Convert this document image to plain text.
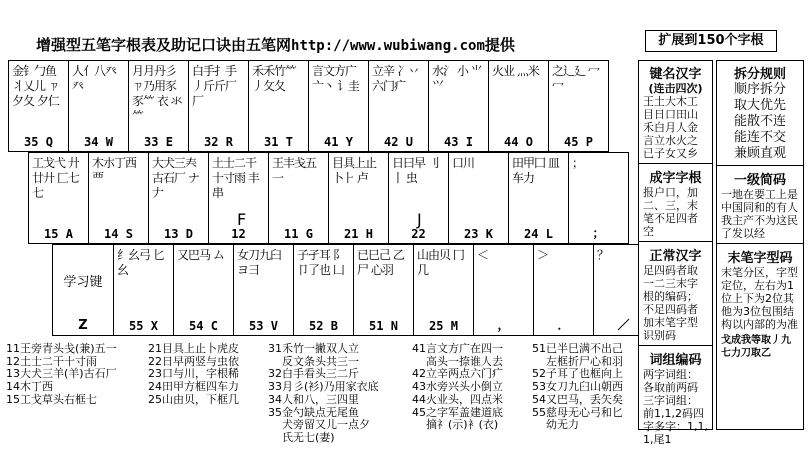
增强型五笔字根表及助记口诀由五笔网http://www.wubiwang.com提供	扩展到150个字根
金钅勹鱼 丬乂儿 ㄗ夕夂 夕仁
35 Q
人亻八癶 癶
34 W
月月丹彡 ㄗ乃用豕 豕⺮ 衣 氺⺮
33 E
白手扌手 丿斤斤厂 厂
32 R
禾禾竹⺮ 丿攵夂
31 T
言文方广 亠丶 讠圭
41 Y
立辛 冫丷 六门疒
42 U
水氵 小 ⺌⺍
43 I
火业 灬米
44 O
之辶廴 冖冖
45 P
工戈弋 廾廿廾 匚七 七
15 A
木朩丁西 覀
14 S
大犬三𡗗 古石厂 ナ𠂇
13 D
土士二干 十寸雨 丰串
F
12
王丰戋五 一
11 G
目具上止 卜⺊ 卢
21 H
日曰早 刂丨 虫
J
22
口川
23 K
田甲囗 皿车力
24 L
；
；
学习键
Z
纟幺弓 匕幺
55 X
又巴马 ム
54 C
女刀九臼 ヨ彐
53 V
子孑耳 阝卩了也 凵
52 B
已巳己 乙 尸 心羽
51 N
山由贝 冂几
25 M
＜
，
＞
．
？
／
键名汉字

(连击四次)

王土大木工目日口田山禾白月人金言立水火之已子女又乡

成字字根

报户口，加二、三，末笔不足四者空

正常汉字

足四码者取一二三末字根的编码；不足四码者加末笔字型识别码

词组编码

两字词组：各取前两码三字词组：前1,1,2码四字多字：1,1,1,尾1

拆分规则
顺序拆分
取大优先
能散不连
能连不交
兼顾直观
一级简码

一地在要工上是中国同和的有人我主产不为这民了发以经

末笔字型码

末笔分区，字型定位，左右为1位上下为2位其他为3位包围结构以内部的为准

戈成我等取丿九七力刀取乙

11 王旁青头戋(兼)五一
12 土士二干十寸雨
13 大犬三羊(羊)古石厂
14 木丁西
15 工戈草头右框七
21 目具上止卜虎皮
22 日早两竖与虫依
23 口与川，字根稀
24 田甲方框四车力
25 山由贝，下框几
31 禾竹一撇双人立
反文条头共三一
32 白手看头三二斤
33 月彡(衫)乃用家衣底
34 人和八，三四里
35 金勺缺点无尾鱼
犬旁留又儿一点夕
氏无七(妻)
41 言文方广在四一
高头一捺谁人去
42 立辛两点六门疒
43 水旁兴头小倒立
44 火业头，四点米
45 之字军盖建道底
摘礻(示)衤(衣)
51 已半巳满不出己
左框折尸心和羽
52 子耳了也框向上
53 女刀九臼山朝西
54 又巴马，丢矢矣
55 慈母无心弓和匕
幼无力
